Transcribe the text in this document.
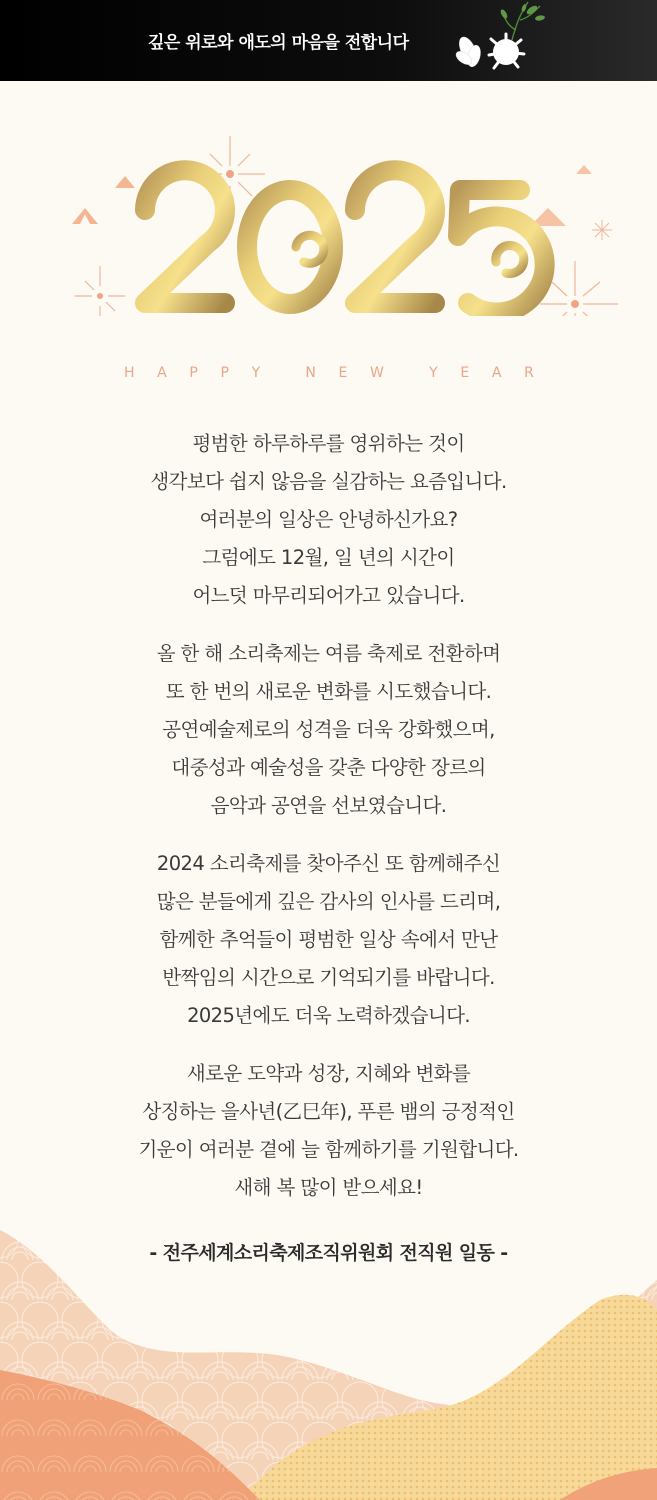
깊은 위로와 애도의 마음을 전합니다
H A P P Y	N E W	Y E A R

평범한 하루하루를 영위하는 것이
생각보다 쉽지 않음을 실감하는 요즘입니다.
여러분의 일상은 안녕하신가요?
그럼에도 12월, 일 년의 시간이
어느덧 마무리되어가고 있습니다.

올 한 해 소리축제는 여름 축제로 전환하며
또 한 번의 새로운 변화를 시도했습니다.
공연예술제로의 성격을 더욱 강화했으며,
대중성과 예술성을 갖춘 다양한 장르의
음악과 공연을 선보였습니다.

2024 소리축제를 찾아주신 또 함께해주신
많은 분들에게 깊은 감사의 인사를 드리며,
함께한 추억들이 평범한 일상 속에서 만난
반짝임의 시간으로 기억되기를 바랍니다.
2025년에도 더욱 노력하겠습니다.

새로운 도약과 성장, 지혜와 변화를
상징하는 을사년(乙巳年), 푸른 뱀의 긍정적인
기운이 여러분 곁에 늘 함께하기를 기원합니다.
새해 복 많이 받으세요!

- 전주세계소리축제조직위원회 전직원 일동 -
